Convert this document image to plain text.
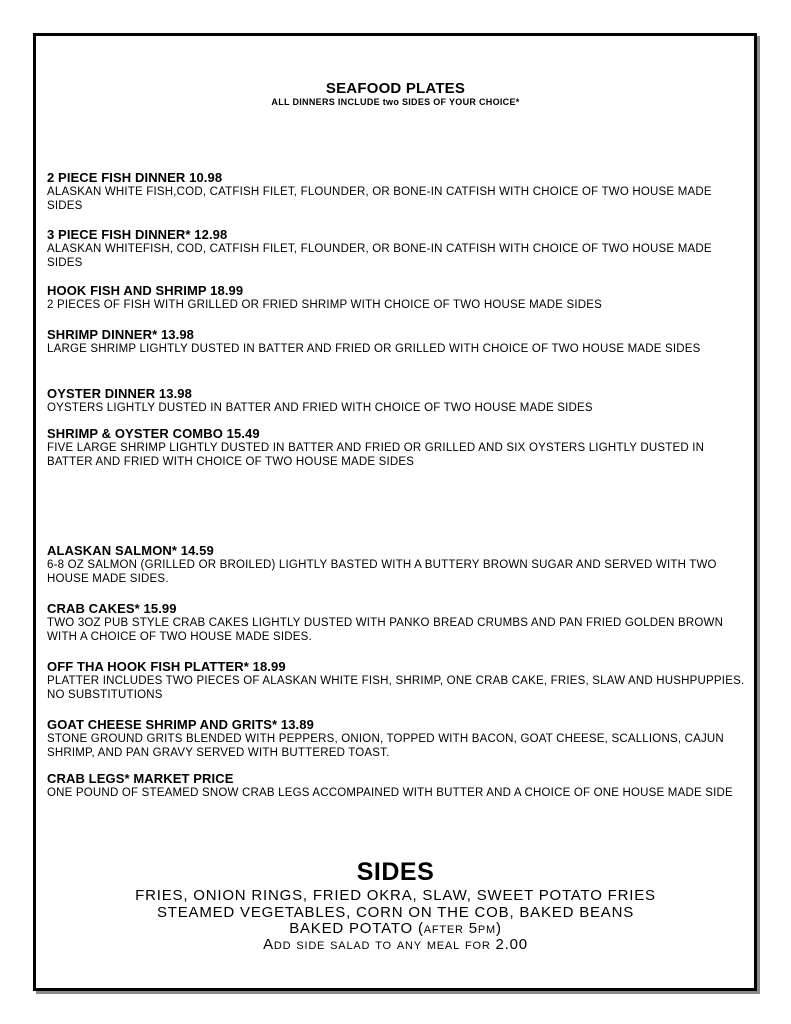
SEAFOOD PLATES
ALL DINNERS INCLUDE two SIDES OF YOUR CHOICE*
2 PIECE FISH DINNER 10.98
ALASKAN WHITE FISH,COD, CATFISH FILET, FLOUNDER, OR BONE-IN CATFISH WITH CHOICE OF TWO HOUSE MADE SIDES
3 PIECE FISH DINNER* 12.98
ALASKAN WHITEFISH, COD, CATFISH FILET, FLOUNDER, OR BONE-IN CATFISH WITH CHOICE OF TWO HOUSE MADE SIDES
HOOK FISH AND SHRIMP 18.99
2 PIECES OF FISH WITH GRILLED OR FRIED SHRIMP WITH CHOICE OF TWO HOUSE MADE SIDES
SHRIMP DINNER* 13.98
LARGE SHRIMP LIGHTLY DUSTED IN BATTER AND FRIED OR GRILLED WITH CHOICE OF TWO HOUSE MADE SIDES
OYSTER DINNER 13.98
OYSTERS LIGHTLY DUSTED IN BATTER AND FRIED WITH CHOICE OF TWO HOUSE MADE SIDES
SHRIMP & OYSTER COMBO 15.49
FIVE LARGE SHRIMP LIGHTLY DUSTED IN BATTER AND FRIED OR GRILLED AND SIX OYSTERS LIGHTLY DUSTED IN BATTER AND FRIED WITH CHOICE OF TWO HOUSE MADE SIDES
ALASKAN SALMON* 14.59
6-8 OZ SALMON (GRILLED OR BROILED) LIGHTLY BASTED WITH A BUTTERY BROWN SUGAR AND SERVED WITH TWO HOUSE MADE SIDES.
CRAB CAKES* 15.99
TWO 3OZ PUB STYLE CRAB CAKES LIGHTLY DUSTED WITH PANKO BREAD CRUMBS AND PAN FRIED GOLDEN BROWN WITH A CHOICE OF TWO HOUSE MADE SIDES.
OFF THA HOOK FISH PLATTER* 18.99
PLATTER INCLUDES TWO PIECES OF ALASKAN WHITE FISH, SHRIMP, ONE CRAB CAKE, FRIES, SLAW AND HUSHPUPPIES. NO SUBSTITUTIONS
GOAT CHEESE SHRIMP AND GRITS* 13.89
STONE GROUND GRITS BLENDED WITH PEPPERS, ONION, TOPPED WITH BACON, GOAT CHEESE, SCALLIONS, CAJUN SHRIMP, AND PAN GRAVY SERVED WITH BUTTERED TOAST.
CRAB LEGS* MARKET PRICE
ONE POUND OF STEAMED SNOW CRAB LEGS ACCOMPAINED WITH BUTTER AND A CHOICE OF ONE HOUSE MADE SIDE
SIDES
FRIES, ONION RINGS, FRIED OKRA, SLAW, SWEET POTATO FRIES
STEAMED VEGETABLES, CORN ON THE COB, BAKED BEANS
BAKED POTATO (after 5pm)
Add side salad to any meal for 2.00
